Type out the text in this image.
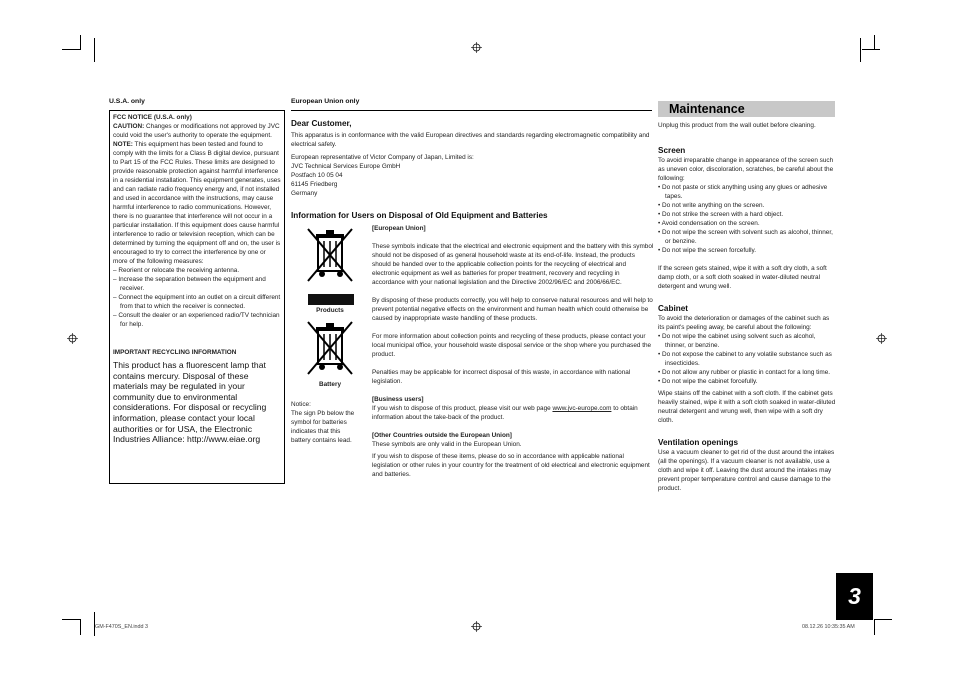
U.S.A. only

FCC NOTICE (U.S.A. only)

CAUTION: Changes or modifications not approved by JVC could void the user's authority to operate the equipment.

NOTE: This equipment has been tested and found to comply with the limits for a Class B digital device, pursuant to Part 15 of the FCC Rules. These limits are designed to provide reasonable protection against harmful interference in a residential installation. This equipment generates, uses and can radiate radio frequency energy and, if not installed and used in accordance with the instructions, may cause harmful interference to radio communications. However, there is no guarantee that interference will not occur in a particular installation. If this equipment does cause harmful interference to radio or television reception, which can be determined by turning the equipment off and on, the user is encouraged to try to correct the interference by one or more of the following measures:

– Reorient or relocate the receiving antenna.
– Increase the separation between the equipment and receiver.
– Connect the equipment into an outlet on a circuit different from that to which the receiver is connected.
– Consult the dealer or an experienced radio/TV technician for help.

IMPORTANT RECYCLING INFORMATION

This product has a fluorescent lamp that contains mercury. Disposal of these materials may be regulated in your community due to environmental considerations. For disposal or recycling information, please contact your local authorities or for USA, the Electronic Industries Alliance: http://www.eiae.org

European Union only
Dear Customer,
This apparatus is in conformance with the valid European directives and standards regarding electromagnetic compatibility and electrical safety.
European representative of Victor Company of Japan, Limited is:
JVC Technical Services Europe GmbH
Postfach 10 05 04
61145 Friedberg
Germany
Information for Users on Disposal of Old Equipment and Batteries
Products
Battery
Notice:
The sign Pb below the symbol for batteries indicates that this battery contains lead.

[European Union]

These symbols indicate that the electrical and electronic equipment and the battery with this symbol should not be disposed of as general household waste at its end-of-life. Instead, the products should be handed over to the applicable collection points for the recycling of electrical and electronic equipment as well as batteries for proper treatment, recovery and recycling in accordance with your national legislation and the Directive 2002/96/EC and 2006/66/EC.

By disposing of these products correctly, you will help to conserve natural resources and will help to prevent potential negative effects on the environment and human health which could otherwise be caused by inappropriate waste handling of these products.

For more information about collection points and recycling of these products, please contact your local municipal office, your household waste disposal service or the shop where you purchased the product.

Penalties may be applicable for incorrect disposal of this waste, in accordance with national legislation.

[Business users]

If you wish to dispose of this product, please visit our web page www.jvc-europe.com to obtain information about the take-back of the product.

[Other Countries outside the European Union]

These symbols are only valid in the European Union.

If you wish to dispose of these items, please do so in accordance with applicable national legislation or other rules in your country for the treatment of old electrical and electronic equipment and batteries.

Maintenance

Unplug this product from the wall outlet before cleaning.

Screen

To avoid irreparable change in appearance of the screen such as uneven color, discoloration, scratches, be careful about the following:

• Do not paste or stick anything using any glues or adhesive tapes.
• Do not write anything on the screen.
• Do not strike the screen with a hard object.
• Avoid condensation on the screen.
• Do not wipe the screen with solvent such as alcohol, thinner, or benzine.
• Do not wipe the screen forcefully.

If the screen gets stained, wipe it with a soft dry cloth, a soft damp cloth, or a soft cloth soaked in water-diluted neutral detergent and wrung well.

Cabinet

To avoid the deterioration or damages of the cabinet such as its paint's peeling away, be careful about the following:

• Do not wipe the cabinet using solvent such as alcohol, thinner, or benzine.
• Do not expose the cabinet to any volatile substance such as insecticides.
• Do not allow any rubber or plastic in contact for a long time.
• Do not wipe the cabinet forcefully.

Wipe stains off the cabinet with a soft cloth. If the cabinet gets heavily stained, wipe it with a soft cloth soaked in water-diluted neutral detergent and wrung well, then wipe with a soft dry cloth.

Ventilation openings

Use a vacuum cleaner to get rid of the dust around the intakes (all the openings). If a vacuum cleaner is not available, use a cloth and wipe it off. Leaving the dust around the intakes may prevent proper temperature control and cause damage to the product.

3
GM-F470S_EN.indd 3	08.12.26 10:35:35 AM
